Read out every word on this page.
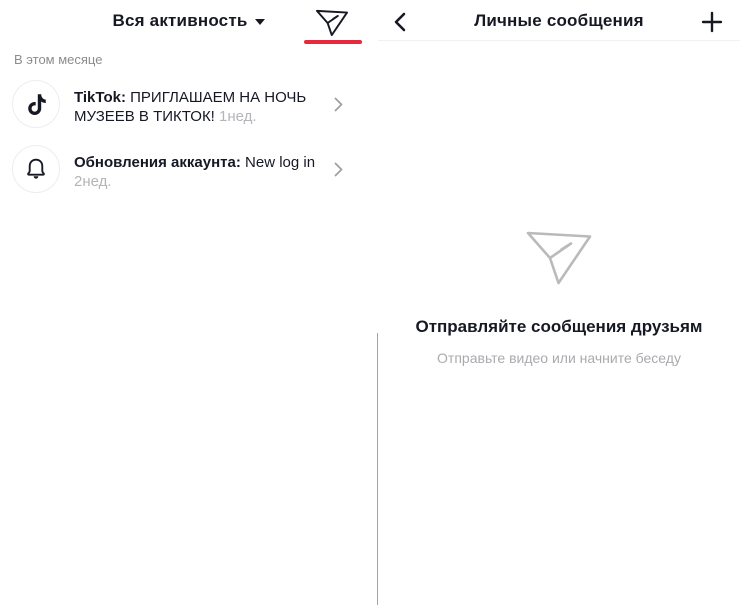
Вся активность
В этом месяце
TikTok: ПРИГЛАШАЕМ НА НОЧЬ МУЗЕЕВ В ТИКТОК! 1нед.
Обновления аккаунта: New log in 2нед.
Личные сообщения
Отправляйте сообщения друзьям
Отправьте видео или начните беседу
